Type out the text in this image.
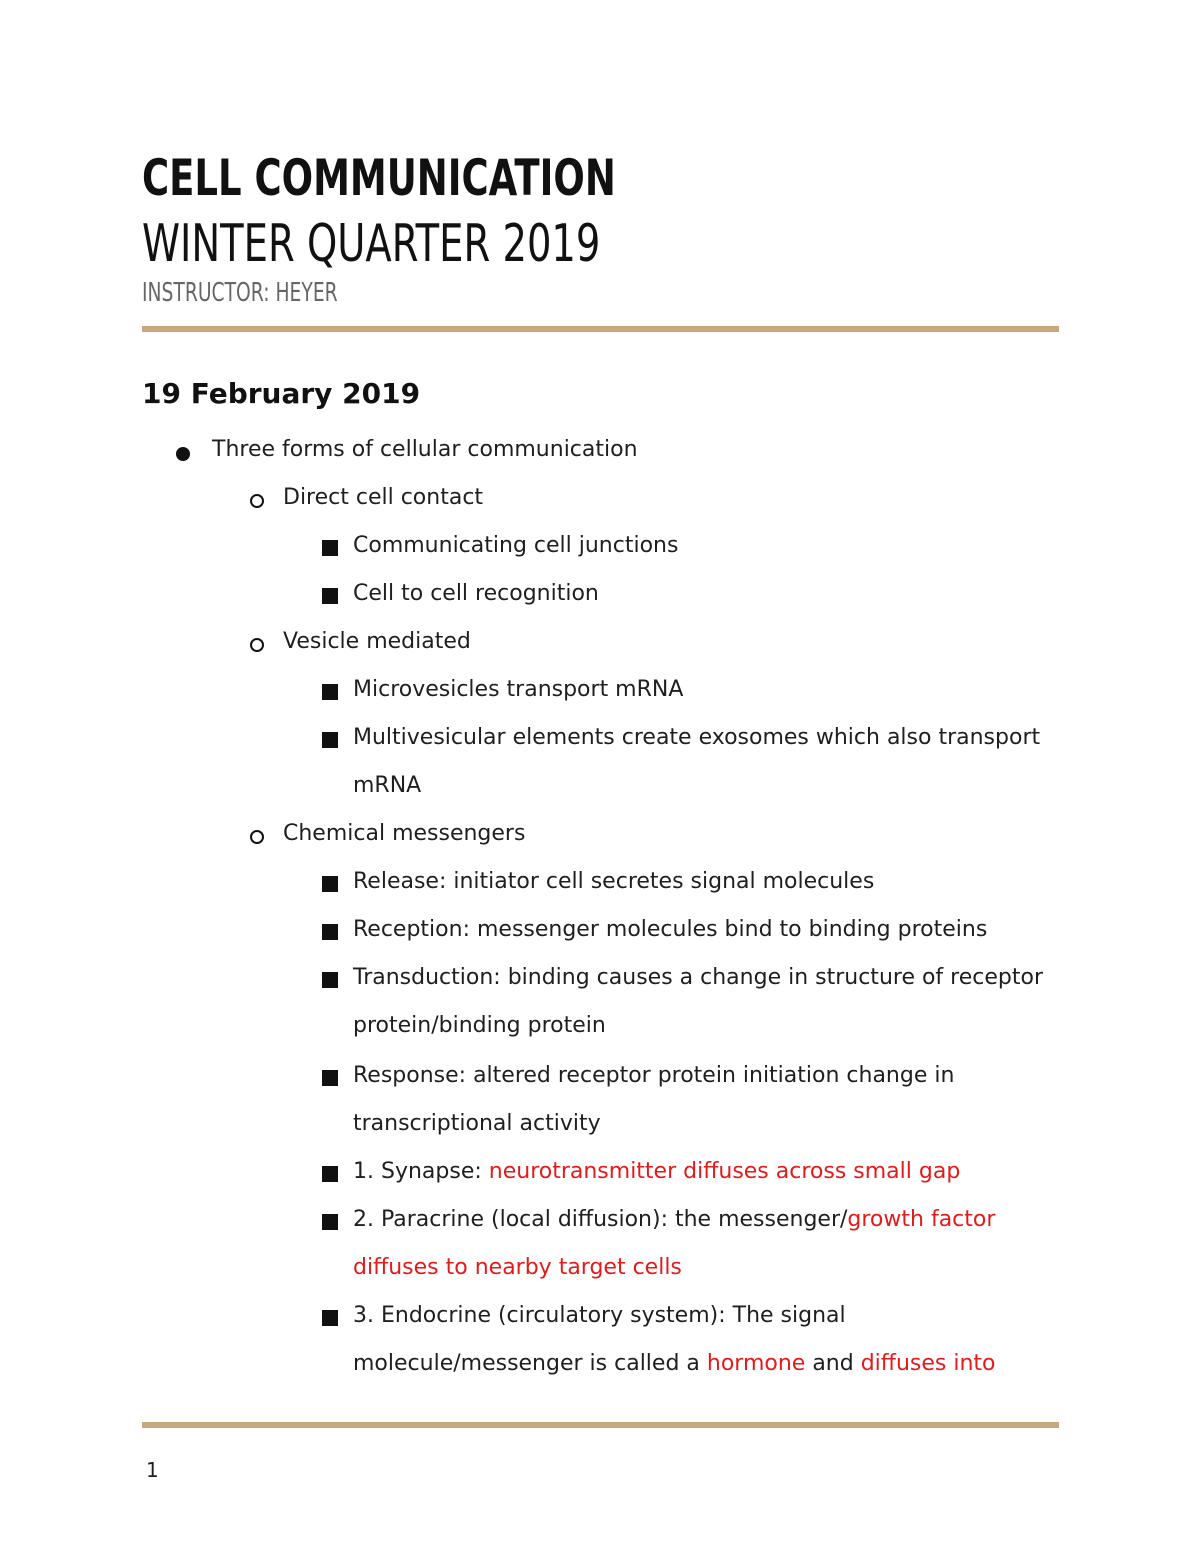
CELL COMMUNICATION
WINTER QUARTER 2019
INSTRUCTOR: HEYER
19 February 2019
Three forms of cellular communication
Direct cell contact
Communicating cell junctions
Cell to cell recognition
Vesicle mediated
Microvesicles transport mRNA
Multivesicular elements create exosomes which also transport
mRNA
Chemical messengers
Release: initiator cell secretes signal molecules
Reception: messenger molecules bind to binding proteins
Transduction: binding causes a change in structure of receptor
protein/binding protein
Response: altered receptor protein initiation change in
transcriptional activity
1. Synapse: neurotransmitter diffuses across small gap
2. Paracrine (local diffusion): the messenger/growth factor
diffuses to nearby target cells
3. Endocrine (circulatory system): The signal
molecule/messenger is called a hormone and diffuses into
1
